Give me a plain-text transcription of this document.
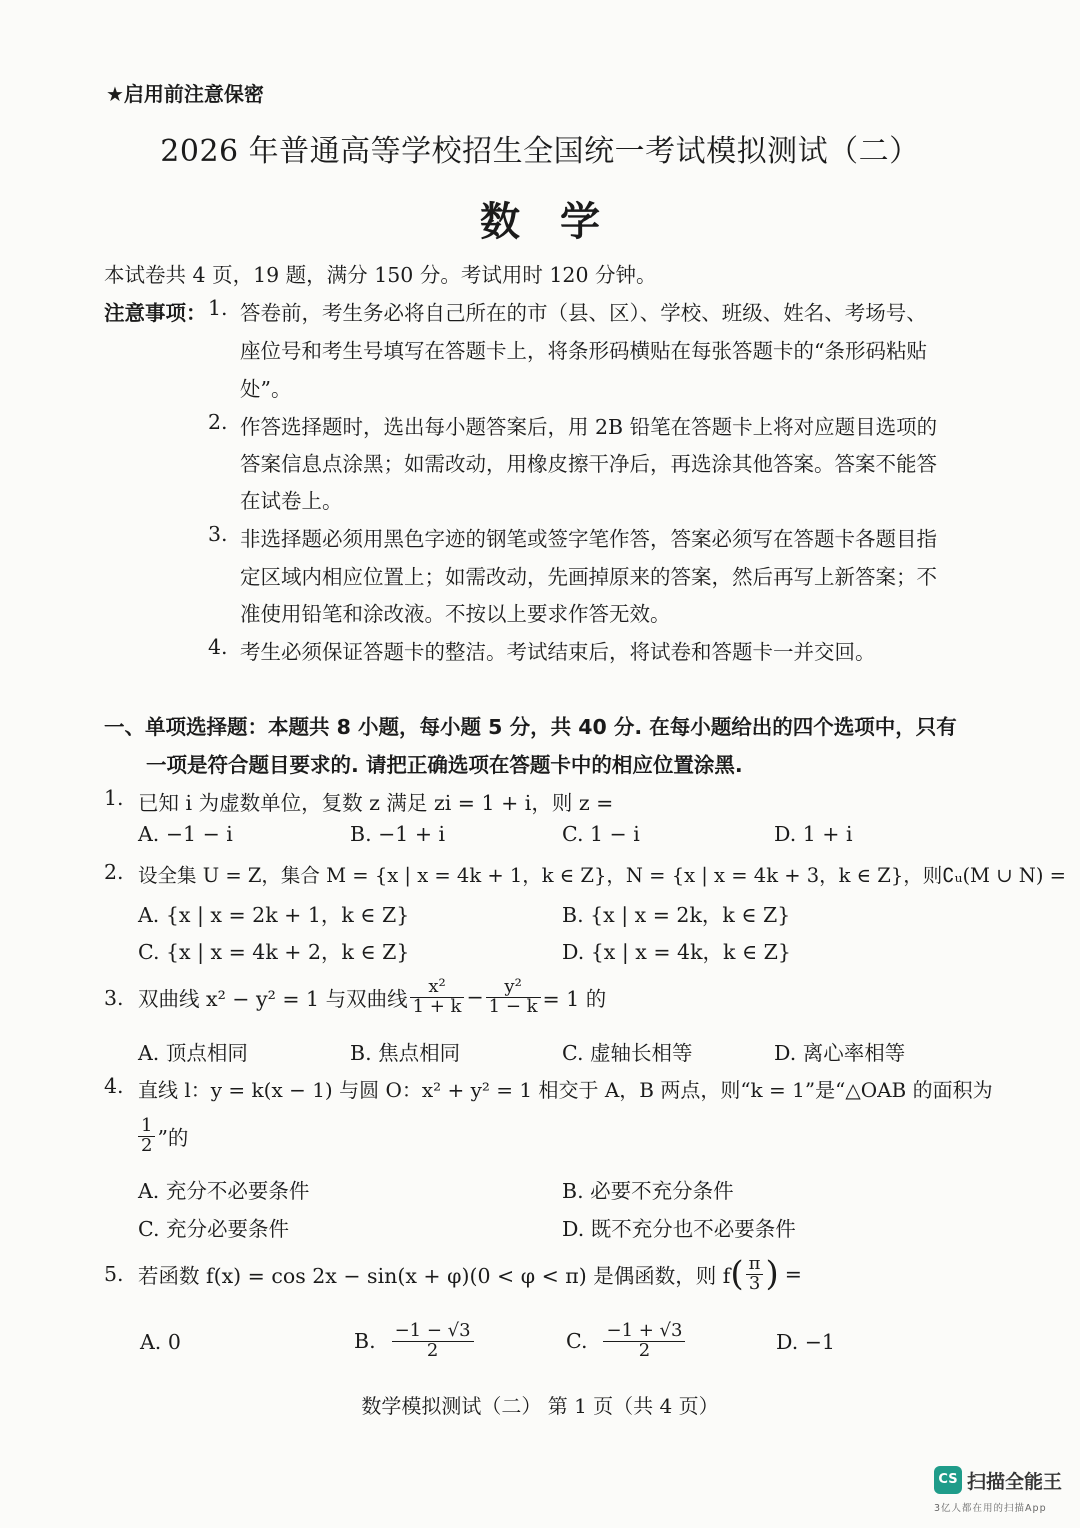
★启用前注意保密
2026 年普通高等学校招生全国统一考试模拟测试（二）
数学
本试卷共 4 页，19 题，满分 150 分。考试用时 120 分钟。
注意事项： 1. 答卷前，考生务必将自己所在的市（县、区）、学校、班级、姓名、考场号、
座位号和考生号填写在答题卡上，将条形码横贴在每张答题卡的“条形码粘贴
处”。
2. 作答选择题时，选出每小题答案后，用 2B 铅笔在答题卡上将对应题目选项的
答案信息点涂黑；如需改动，用橡皮擦干净后，再选涂其他答案。答案不能答
在试卷上。
3. 非选择题必须用黑色字迹的钢笔或签字笔作答，答案必须写在答题卡各题目指
定区域内相应位置上；如需改动，先画掉原来的答案，然后再写上新答案；不
准使用铅笔和涂改液。不按以上要求作答无效。
4. 考生必须保证答题卡的整洁。考试结束后，将试卷和答题卡一并交回。
一、单项选择题：本题共 8 小题，每小题 5 分，共 40 分. 在每小题给出的四个选项中，只有
一项是符合题目要求的. 请把正确选项在答题卡中的相应位置涂黑.
1. 已知 i 为虚数单位，复数 z 满足 zi = 1 + i，则 z =
A. −1 − i	B. −1 + i	C. 1 − i	D. 1 + i
2. 设全集 U = Z，集合 M = {x | x = 4k + 1，k ∈ Z}，N = {x | x = 4k + 3，k ∈ Z}，则∁ᵤ(M ∪ N) =
A. {x | x = 2k + 1，k ∈ Z}	B. {x | x = 2k，k ∈ Z}
C. {x | x = 4k + 2，k ∈ Z}	D. {x | x = 4k，k ∈ Z}
3. 双曲线 x² − y² = 1 与双曲线 $\frac{\text{x²}}{1 + k} - \frac{\text{y²}}{1 - k} = 1$ 的
A. 顶点相同	B. 焦点相同	C. 虚轴长相等	D. 离心率相等
4. 直线 l：y = k(x − 1) 与圆 O：x² + y² = 1 相交于 A，B 两点，则“k = 1”是“△OAB 的面积为
$\frac{1}{2}$ ”的
A. 充分不必要条件	B. 必要不充分条件
C. 充分必要条件	D. 既不充分也不必要条件
5. 若函数 f(x) = cos 2x − sin(x + φ)(0 < φ < π) 是偶函数，则 f ( $\frac{\pi}{3}$ ) =
A. 0	B. $\frac{-1 - √3}{2}$	C. $\frac{-1 + √3}{2}$	D. −1
数学模拟测试（二） 第 1 页（共 4 页）
CS 扫描全能王
3亿人都在用的扫描App
